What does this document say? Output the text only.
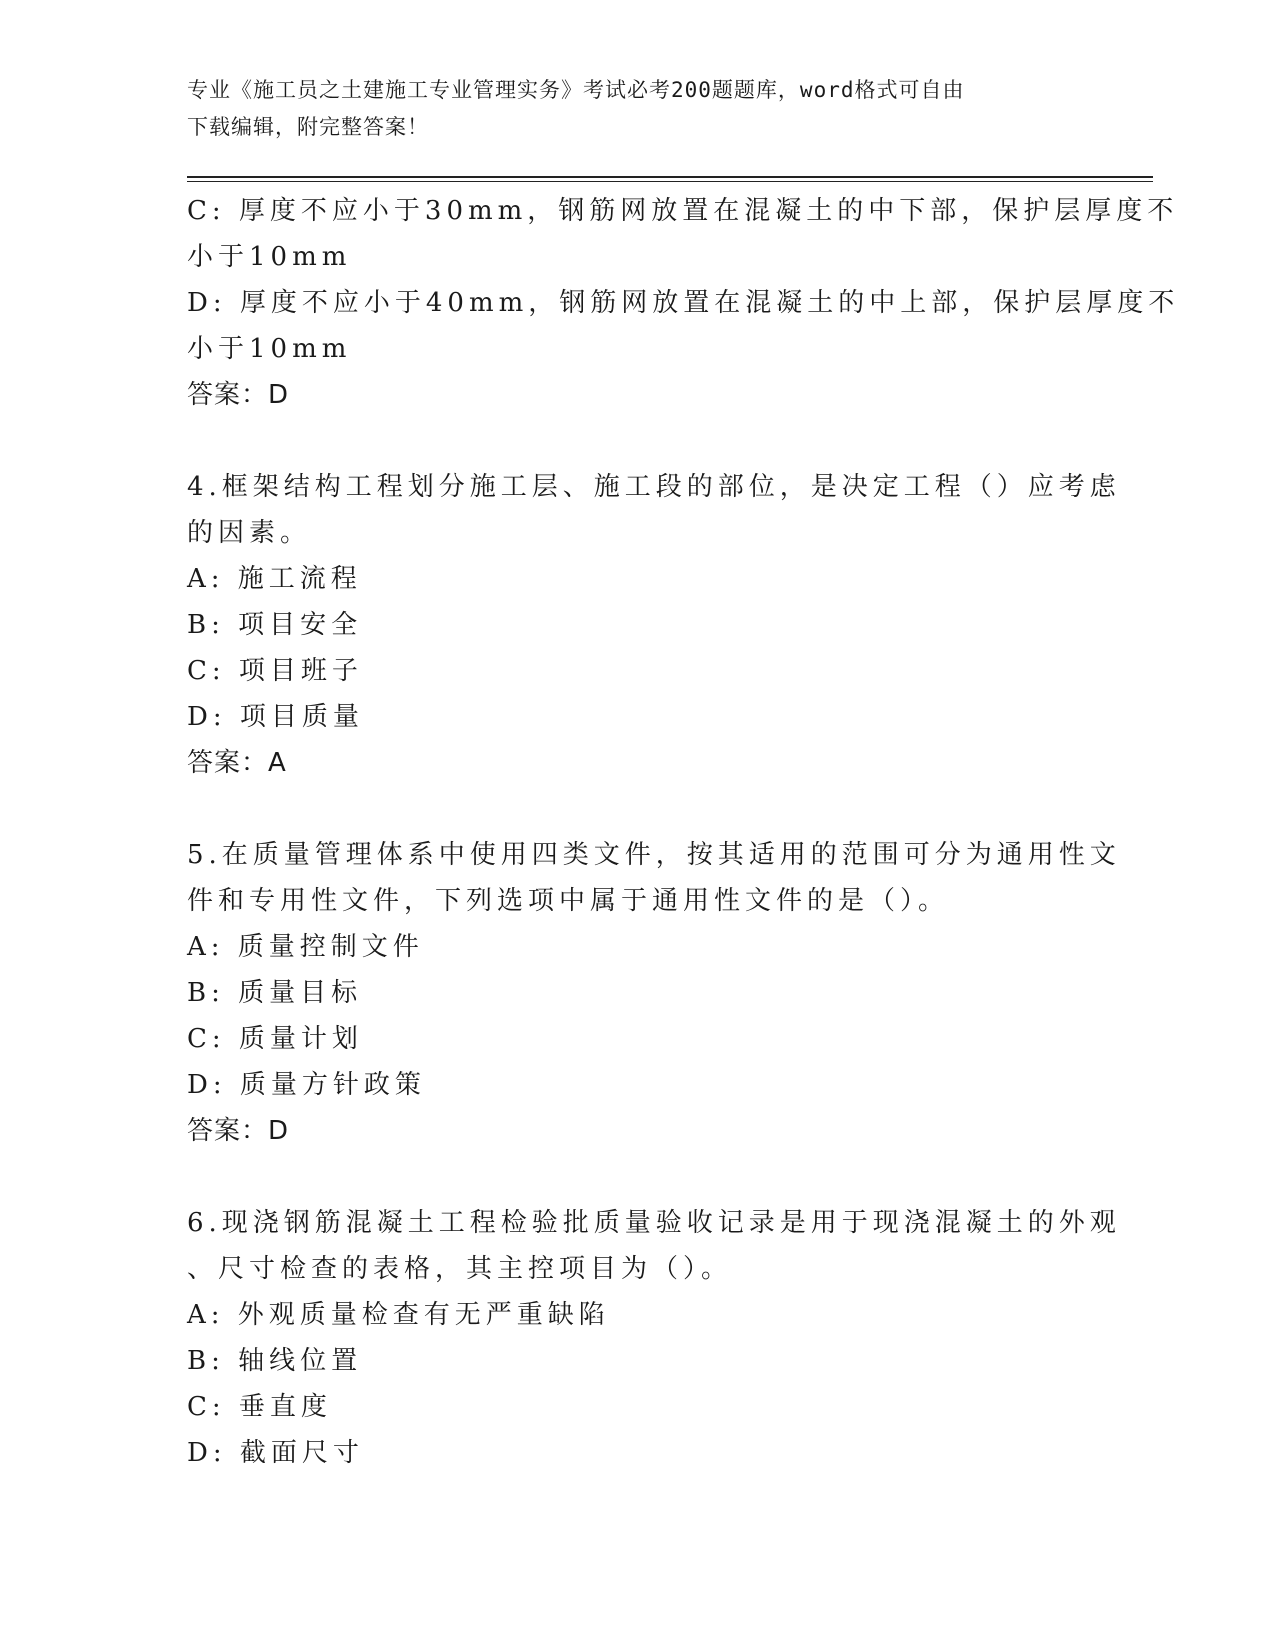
专业《施工员之土建施工专业管理实务》考试必考200题题库，word格式可自由
下载编辑，附完整答案！

C: 厚度不应小于30mm，钢筋网放置在混凝土的中下部，保护层厚度不

小于10mm

D: 厚度不应小于40mm，钢筋网放置在混凝土的中上部，保护层厚度不

小于10mm

答案：D

4.框架结构工程划分施工层、施工段的部位，是决定工程（）应考虑

的因素。

A: 施工流程

B: 项目安全

C: 项目班子

D: 项目质量

答案：A

5.在质量管理体系中使用四类文件，按其适用的范围可分为通用性文

件和专用性文件，下列选项中属于通用性文件的是（）。

A: 质量控制文件

B: 质量目标

C: 质量计划

D: 质量方针政策

答案：D

6.现浇钢筋混凝土工程检验批质量验收记录是用于现浇混凝土的外观

、尺寸检查的表格，其主控项目为（）。

A: 外观质量检查有无严重缺陷

B: 轴线位置

C: 垂直度

D: 截面尺寸
